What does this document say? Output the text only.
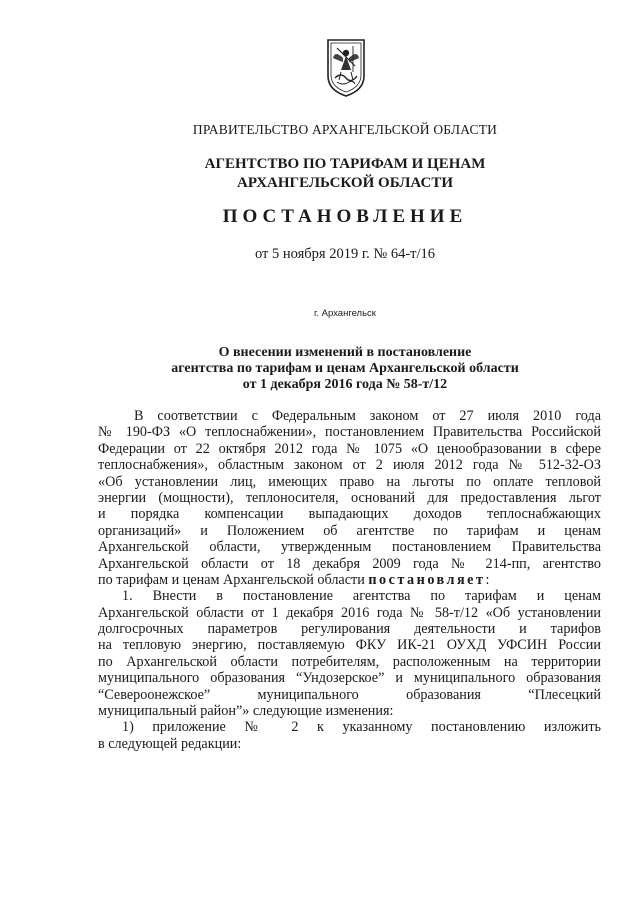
ПРАВИТЕЛЬСТВО АРХАНГЕЛЬСКОЙ ОБЛАСТИ
АГЕНТСТВО ПО ТАРИФАМ И ЦЕНАМ
АРХАНГЕЛЬСКОЙ ОБЛАСТИ
ПОСТАНОВЛЕНИЕ
от 5 ноября 2019 г. № 64-т/16
г. Архангельск
О внесении изменений в постановление
агентства по тарифам и ценам Архангельской области
от 1 декабря 2016 года № 58-т/12
В соответствии с Федеральным законом от 27 июля 2010 года
№ 190-ФЗ «О теплоснабжении», постановлением Правительства Российской
Федерации от 22 октября 2012 года № 1075 «О ценообразовании в сфере
теплоснабжения», областным законом от 2 июля 2012 года № 512-32-ОЗ
«Об установлении лиц, имеющих право на льготы по оплате тепловой
энергии (мощности), теплоносителя, оснований для предоставления льгот
и порядка компенсации выпадающих доходов теплоснабжающих
организаций» и Положением об агентстве по тарифам и ценам
Архангельской области, утвержденным постановлением Правительства
Архангельской области от 18 декабря 2009 года № 214-пп, агентство
по тарифам и ценам Архангельской области постановляет:
1. Внести в постановление агентства по тарифам и ценам
Архангельской области от 1 декабря 2016 года № 58-т/12 «Об установлении
долгосрочных параметров регулирования деятельности и тарифов
на тепловую энергию, поставляемую ФКУ ИК-21 ОУХД УФСИН России
по Архангельской области потребителям, расположенным на территории
муниципального образования “Ундозерское” и муниципального образования
“Североонежское” муниципального образования “Плесецкий
муниципальный район”» следующие изменения:
1) приложение № 2 к указанному постановлению изложить
в следующей редакции:
